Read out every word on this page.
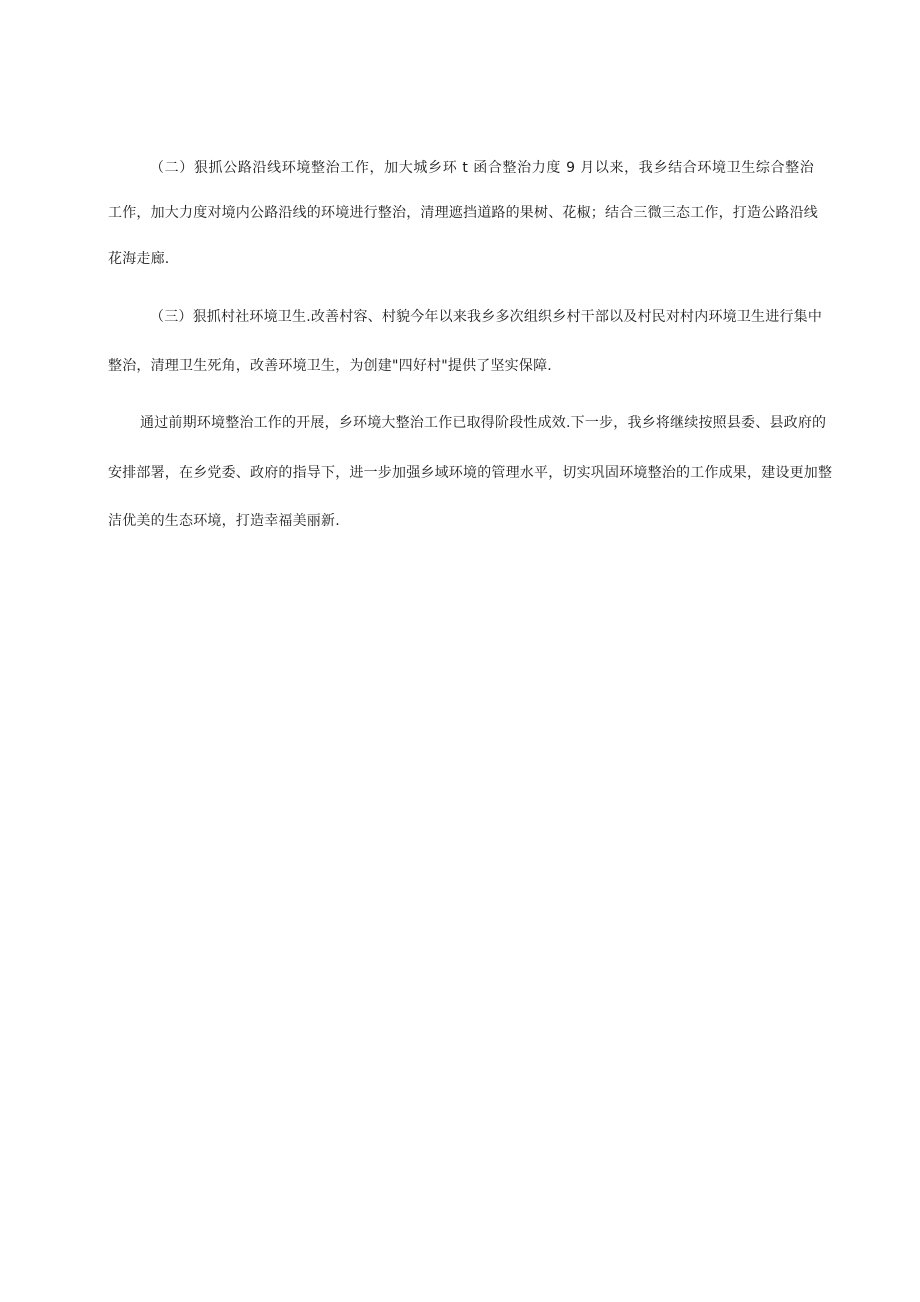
（二）狠抓公路沿线环境整治工作，加大城乡环 t 函合整治力度 9 月以来，我乡结合环境卫生综合整治
工作，加大力度对境内公路沿线的环境进行整治，清理遮挡道路的果树、花椒；结合三微三态工作，打造公路沿线
花海走廊.
（三）狠抓村社环境卫生.改善村容、村貌今年以来我乡多次组织乡村干部以及村民对村内环境卫生进行集中
整治，清理卫生死角，改善环境卫生，为创建"四好村"提供了坚实保障.
通过前期环境整治工作的开展，乡环境大整治工作已取得阶段性成效.下一步，我乡将继续按照县委、县政府的
安排部署，在乡党委、政府的指导下，进一步加强乡域环境的管理水平，切实巩固环境整治的工作成果，建设更加整
洁优美的生态环境，打造幸福美丽新.
